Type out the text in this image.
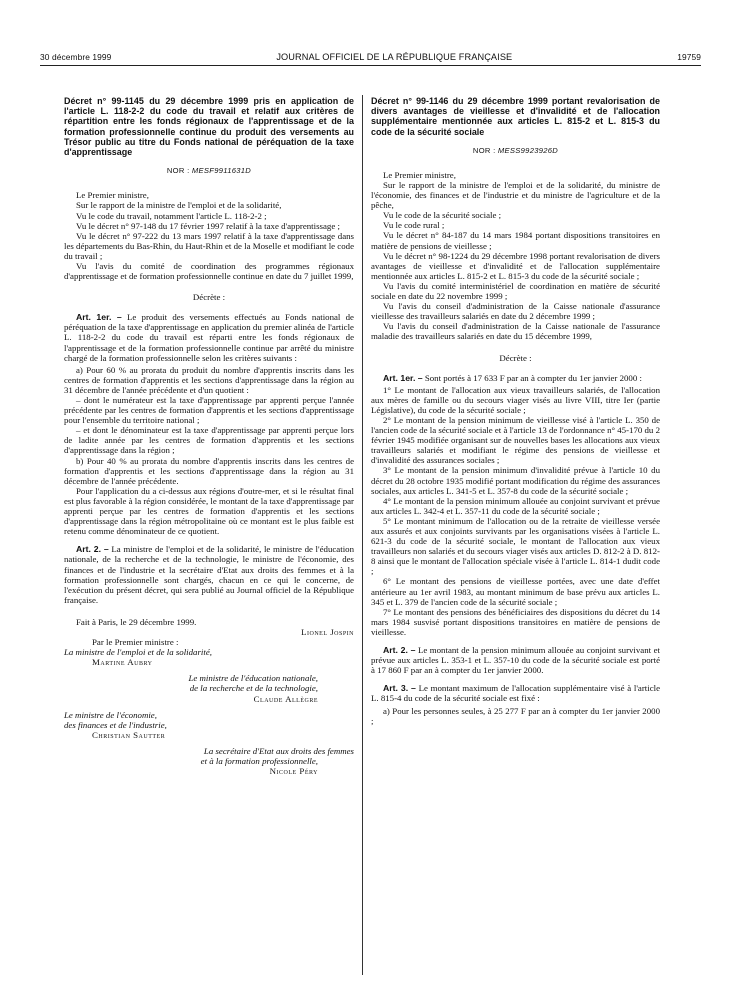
30 décembre 1999	JOURNAL OFFICIEL DE LA RÉPUBLIQUE FRANÇAISE	19759

Décret n° 99-1145 du 29 décembre 1999 pris en application de l'article L. 118-2-2 du code du travail et relatif aux critères de répartition entre les fonds régionaux de l'apprentissage et de la formation professionnelle continue du produit des versements au Trésor public au titre du Fonds national de péréquation de la taxe d'apprentissage

NOR : MESF9911631D

Le Premier ministre,

Sur le rapport de la ministre de l'emploi et de la solidarité,

Vu le code du travail, notamment l'article L. 118-2-2 ;

Vu le décret n° 97-148 du 17 février 1997 relatif à la taxe d'apprentissage ;

Vu le décret n° 97-222 du 13 mars 1997 relatif à la taxe d'apprentissage dans les départements du Bas-Rhin, du Haut-Rhin et de la Moselle et modifiant le code du travail ;

Vu l'avis du comité de coordination des programmes régionaux d'apprentissage et de formation professionnelle continue en date du 7 juillet 1999,

Décrète :

Art. 1er. – Le produit des versements effectués au Fonds national de péréquation de la taxe d'apprentissage en application du premier alinéa de l'article L. 118-2-2 du code du travail est réparti entre les fonds régionaux de l'apprentissage et de la formation professionnelle continue par arrêté du ministre chargé de la formation professionnelle selon les critères suivants :

a) Pour 60 % au prorata du produit du nombre d'apprentis inscrits dans les centres de formation d'apprentis et les sections d'apprentissage dans la région au 31 décembre de l'année précédente et d'un quotient :

– dont le numérateur est la taxe d'apprentissage par apprenti perçue l'année précédente par les centres de formation d'apprentis et les sections d'apprentissage pour l'ensemble du territoire national ;

– et dont le dénominateur est la taxe d'apprentissage par apprenti perçue lors de ladite année par les centres de formation d'apprentis et les sections d'apprentissage dans la région ;

b) Pour 40 % au prorata du nombre d'apprentis inscrits dans les centres de formation d'apprentis et les sections d'apprentissage dans la région au 31 décembre de l'année précédente.

Pour l'application du a ci-dessus aux régions d'outre-mer, et si le résultat final est plus favorable à la région considérée, le montant de la taxe d'apprentissage par apprenti perçue par les centres de formation d'apprentis et les sections d'apprentissage dans la région métropolitaine où ce montant est le plus faible est retenu comme dénominateur de ce quotient.

Art. 2. – La ministre de l'emploi et de la solidarité, le ministre de l'éducation nationale, de la recherche et de la technologie, le ministre de l'économie, des finances et de l'industrie et la secrétaire d'Etat aux droits des femmes et à la formation professionnelle sont chargés, chacun en ce qui le concerne, de l'exécution du présent décret, qui sera publié au Journal officiel de la République française.

Fait à Paris, le 29 décembre 1999.

Lionel Jospin

Par le Premier ministre :

La ministre de l'emploi et de la solidarité,

Martine Aubry

Le ministre de l'éducation nationale,

de la recherche et de la technologie,

Claude Allègre

Le ministre de l'économie,

des finances et de l'industrie,

Christian Sautter

La secrétaire d'Etat aux droits des femmes

et à la formation professionnelle,

Nicole Péry

Décret n° 99-1146 du 29 décembre 1999 portant revalorisation de divers avantages de vieillesse et d'invalidité et de l'allocation supplémentaire mentionnée aux articles L. 815-2 et L. 815-3 du code de la sécurité sociale

NOR : MESS9923926D

Le Premier ministre,

Sur le rapport de la ministre de l'emploi et de la solidarité, du ministre de l'économie, des finances et de l'industrie et du ministre de l'agriculture et de la pêche,

Vu le code de la sécurité sociale ;

Vu le code rural ;

Vu le décret n° 84-187 du 14 mars 1984 portant dispositions transitoires en matière de pensions de vieillesse ;

Vu le décret n° 98-1224 du 29 décembre 1998 portant revalorisation de divers avantages de vieillesse et d'invalidité et de l'allocation supplémentaire mentionnée aux articles L. 815-2 et L. 815-3 du code de la sécurité sociale ;

Vu l'avis du comité interministériel de coordination en matière de sécurité sociale en date du 22 novembre 1999 ;

Vu l'avis du conseil d'administration de la Caisse nationale d'assurance vieillesse des travailleurs salariés en date du 2 décembre 1999 ;

Vu l'avis du conseil d'administration de la Caisse nationale de l'assurance maladie des travailleurs salariés en date du 15 décembre 1999,

Décrète :

Art. 1er. – Sont portés à 17 633 F par an à compter du 1er janvier 2000 :

1° Le montant de l'allocation aux vieux travailleurs salariés, de l'allocation aux mères de famille ou du secours viager visés au livre VIII, titre Ier (partie Législative), du code de la sécurité sociale ;

2° Le montant de la pension minimum de vieillesse visé à l'article L. 350 de l'ancien code de la sécurité sociale et à l'article 13 de l'ordonnance n° 45-170 du 2 février 1945 modifiée organisant sur de nouvelles bases les allocations aux vieux travailleurs salariés et modifiant le régime des pensions de vieillesse et d'invalidité des assurances sociales ;

3° Le montant de la pension minimum d'invalidité prévue à l'article 10 du décret du 28 octobre 1935 modifié portant modification du régime des assurances sociales, aux articles L. 341-5 et L. 357-8 du code de la sécurité sociale ;

4° Le montant de la pension minimum allouée au conjoint survivant et prévue aux articles L. 342-4 et L. 357-11 du code de la sécurité sociale ;

5° Le montant minimum de l'allocation ou de la retraite de vieillesse versée aux assurés et aux conjoints survivants par les organisations visées à l'article L. 621-3 du code de la sécurité sociale, le montant de l'allocation aux vieux travailleurs non salariés et du secours viager visés aux articles D. 812-2 à D. 812-8 ainsi que le montant de l'allocation spéciale visée à l'article L. 814-1 dudit code ;

6° Le montant des pensions de vieillesse portées, avec une date d'effet antérieure au 1er avril 1983, au montant minimum de base prévu aux articles L. 345 et L. 379 de l'ancien code de la sécurité sociale ;

7° Le montant des pensions des bénéficiaires des dispositions du décret du 14 mars 1984 susvisé portant dispositions transitoires en matière de pensions de vieillesse.

Art. 2. – Le montant de la pension minimum allouée au conjoint survivant et prévue aux articles L. 353-1 et L. 357-10 du code de la sécurité sociale est porté à 17 860 F par an à compter du 1er janvier 2000.

Art. 3. – Le montant maximum de l'allocation supplémentaire visé à l'article L. 815-4 du code de la sécurité sociale est fixé :

a) Pour les personnes seules, à 25 277 F par an à compter du 1er janvier 2000 ;
